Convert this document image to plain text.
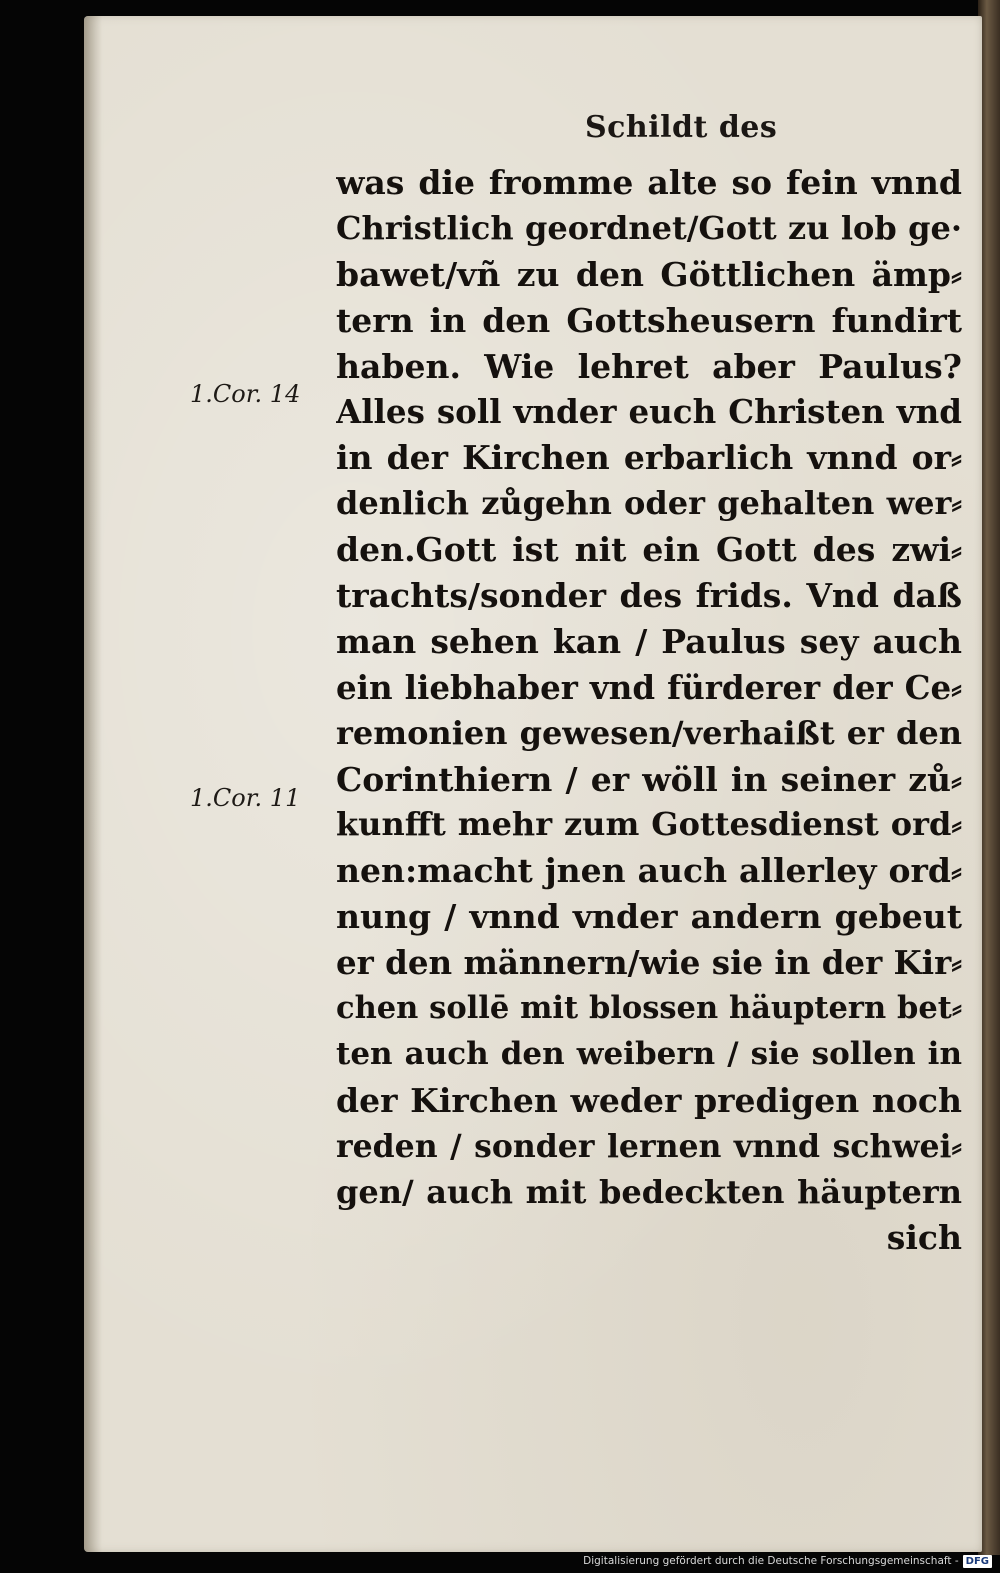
Schildt des
1.Cor. 14
1.Cor. 11
was die fromme alte so fein vnnd
Christlich geordnet/Gott zu lob ge·
bawet/vñ zu den Göttlichen ämp⸗
tern in den Gottsheusern fundirt
haben. Wie lehret aber Paulus?
Alles soll vnder euch Christen vnd
in der Kirchen erbarlich vnnd or⸗
denlich zůgehn oder gehalten wer⸗
den.Gott ist nit ein Gott des zwi⸗
trachts/sonder des frids. Vnd daß
man sehen kan / Paulus sey auch
ein liebhaber vnd fürderer der Ce⸗
remonien gewesen/verhaißt er den
Corinthiern / er wöll in seiner zů⸗
kunfft mehr zum Gottesdienst ord⸗
nen:macht jnen auch allerley ord⸗
nung / vnnd vnder andern gebeut
er den männern/wie sie in der Kir⸗
chen sollē mit blossen häuptern bet⸗
ten auch den weibern / sie sollen in
der Kirchen weder predigen noch
reden / sonder lernen vnnd schwei⸗
gen/ auch mit bedeckten häuptern
sich
Digitalisierung gefördert durch die Deutsche Forschungsgemeinschaft - DFG
